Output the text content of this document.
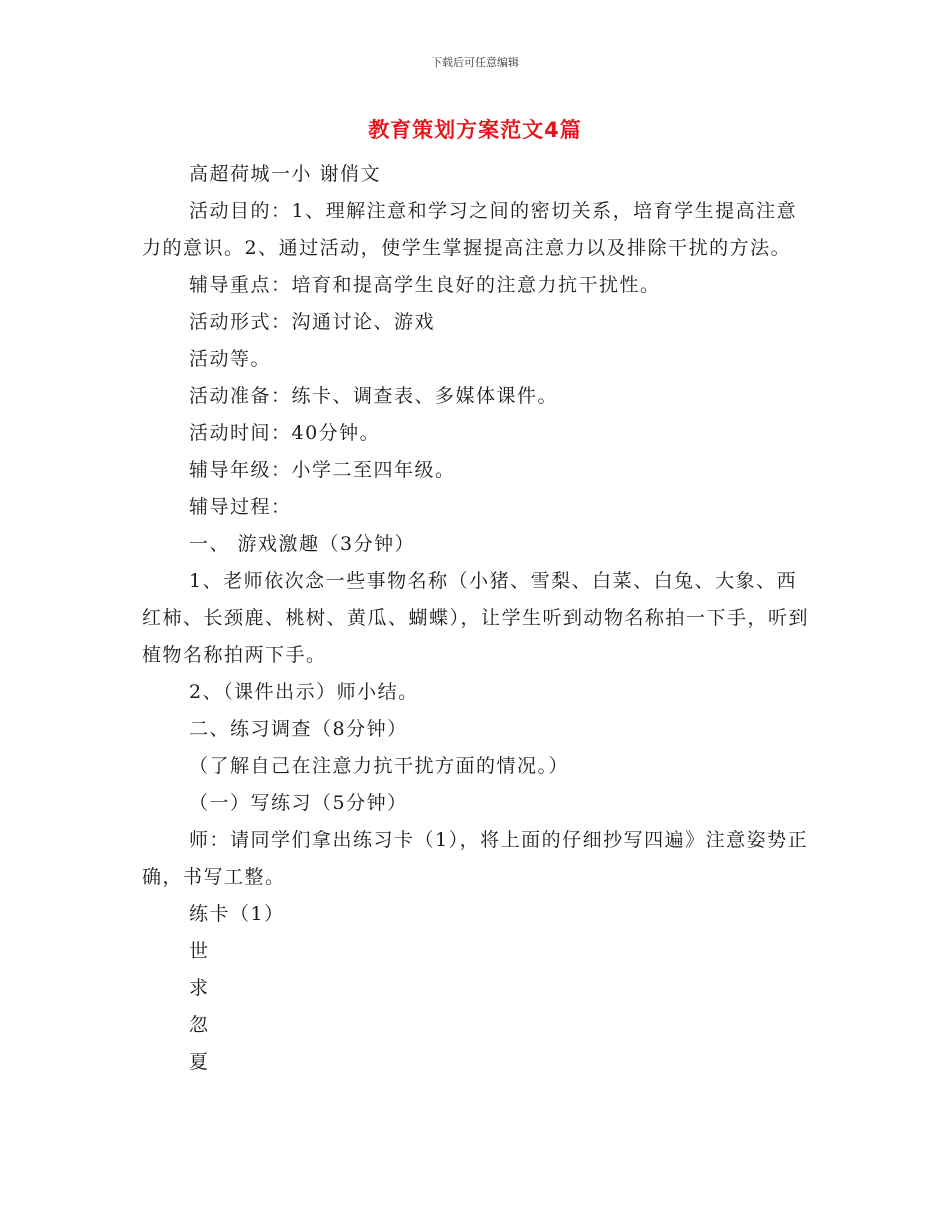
下载后可任意编辑
教育策划方案范文4篇

高超荷城一小 谢俏文

活动目的：1、理解注意和学习之间的密切关系，培育学生提高注意力的意识。2、通过活动，使学生掌握提高注意力以及排除干扰的方法。

辅导重点：培育和提高学生良好的注意力抗干扰性。

活动形式：沟通讨论、游戏

活动等。

活动准备：练卡、调查表、多媒体课件。

活动时间：40分钟。

辅导年级：小学二至四年级。

辅导过程：

一、 游戏激趣（3分钟）

1、老师依次念一些事物名称（小猪、雪梨、白菜、白兔、大象、西红柿、长颈鹿、桃树、黄瓜、蝴蝶），让学生听到动物名称拍一下手，听到植物名称拍两下手。

2、（课件出示）师小结。

二、练习调查（8分钟）

（了解自己在注意力抗干扰方面的情况。）

（一）写练习（5分钟）

师：请同学们拿出练习卡（1），将上面的仔细抄写四遍》注意姿势正确，书写工整。

练卡（1）

世

求

忽

夏
